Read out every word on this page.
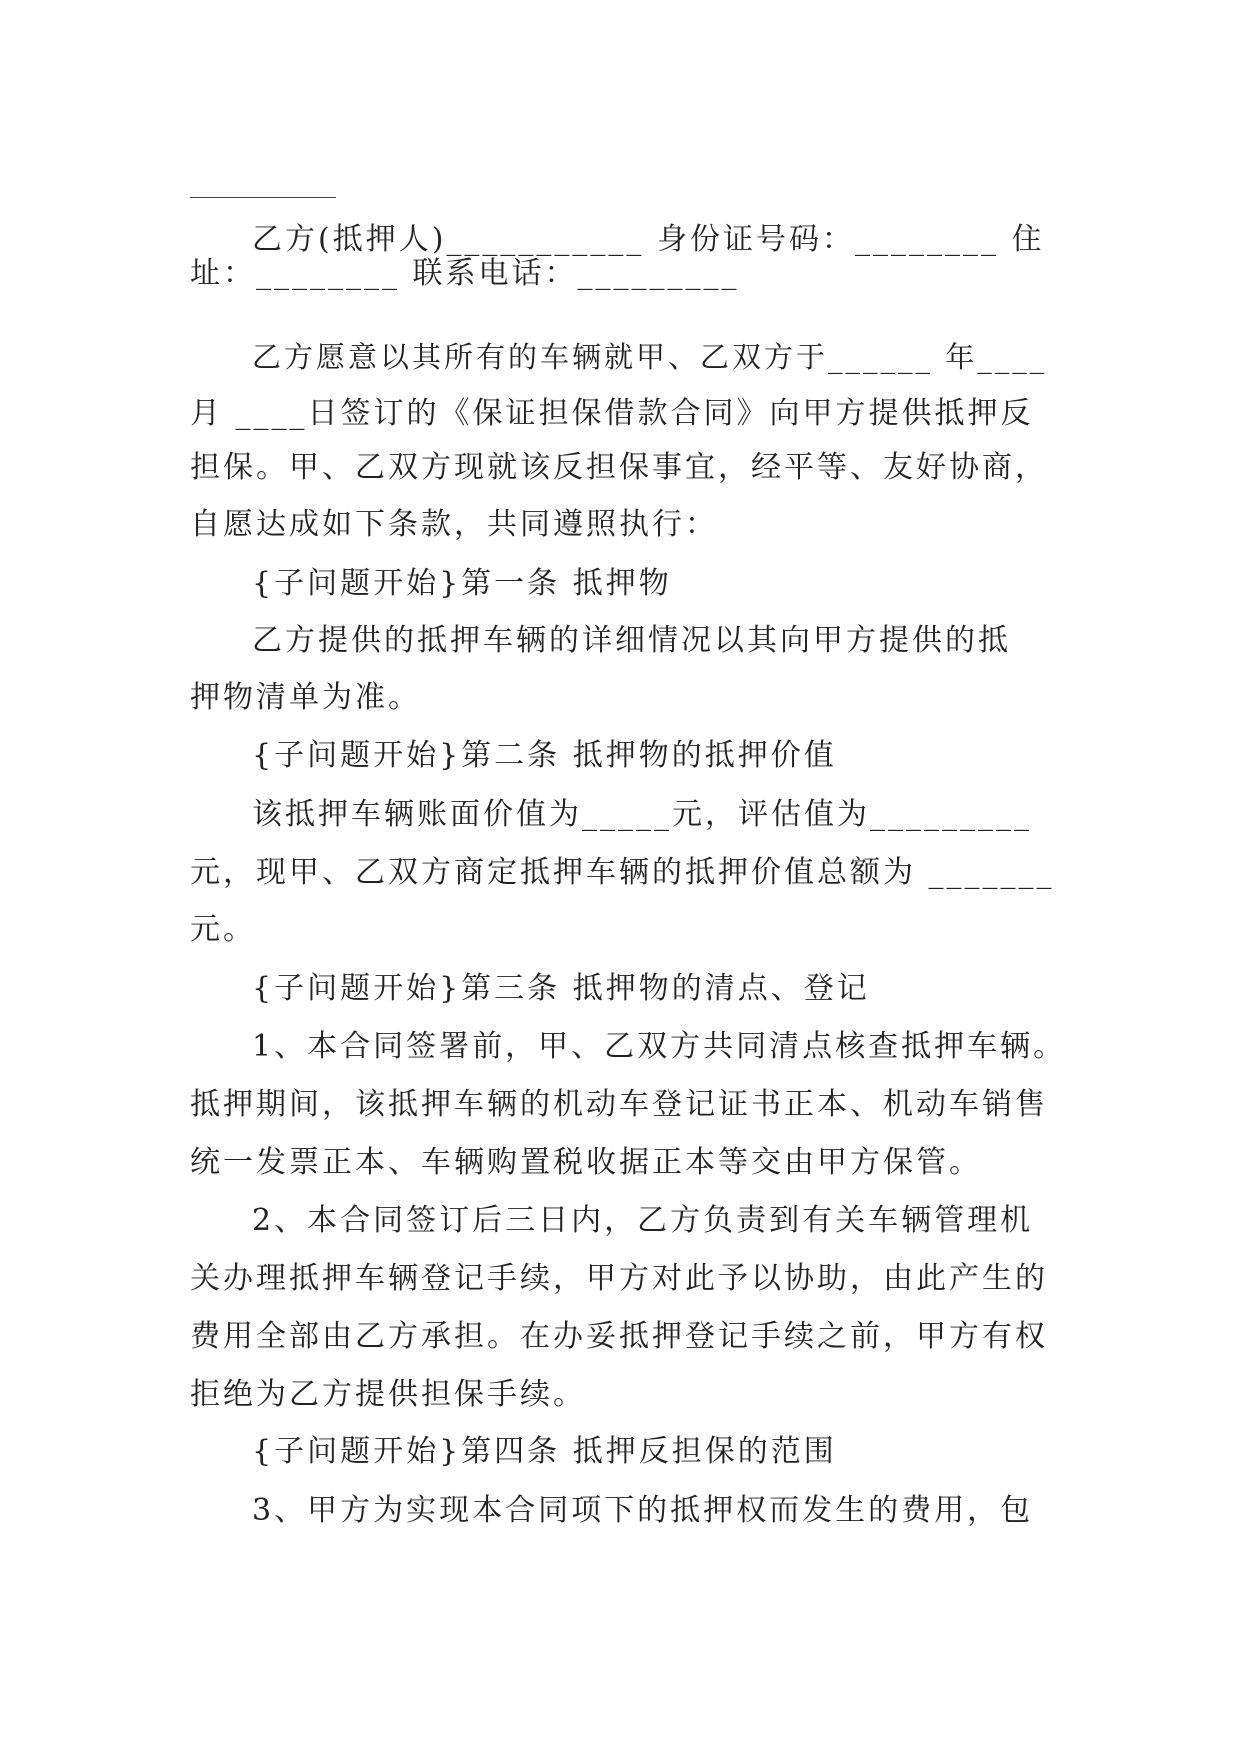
乙方(抵押人)___________ 身份证号码：________ 住
址：________ 联系电话：_________
乙方愿意以其所有的车辆就甲、乙双方于______ 年____
月 ____日签订的《保证担保借款合同》向甲方提供抵押反
担保。甲、乙双方现就该反担保事宜，经平等、友好协商，
自愿达成如下条款，共同遵照执行：
{子问题开始}第一条 抵押物
乙方提供的抵押车辆的详细情况以其向甲方提供的抵
押物清单为准。
{子问题开始}第二条 抵押物的抵押价值
该抵押车辆账面价值为_____元，评估值为_________
元，现甲、乙双方商定抵押车辆的抵押价值总额为 _______
元。
{子问题开始}第三条 抵押物的清点、登记
1、本合同签署前，甲、乙双方共同清点核查抵押车辆。
抵押期间，该抵押车辆的机动车登记证书正本、机动车销售
统一发票正本、车辆购置税收据正本等交由甲方保管。
2、本合同签订后三日内，乙方负责到有关车辆管理机
关办理抵押车辆登记手续，甲方对此予以协助，由此产生的
费用全部由乙方承担。在办妥抵押登记手续之前，甲方有权
拒绝为乙方提供担保手续。
{子问题开始}第四条 抵押反担保的范围
3、甲方为实现本合同项下的抵押权而发生的费用，包
